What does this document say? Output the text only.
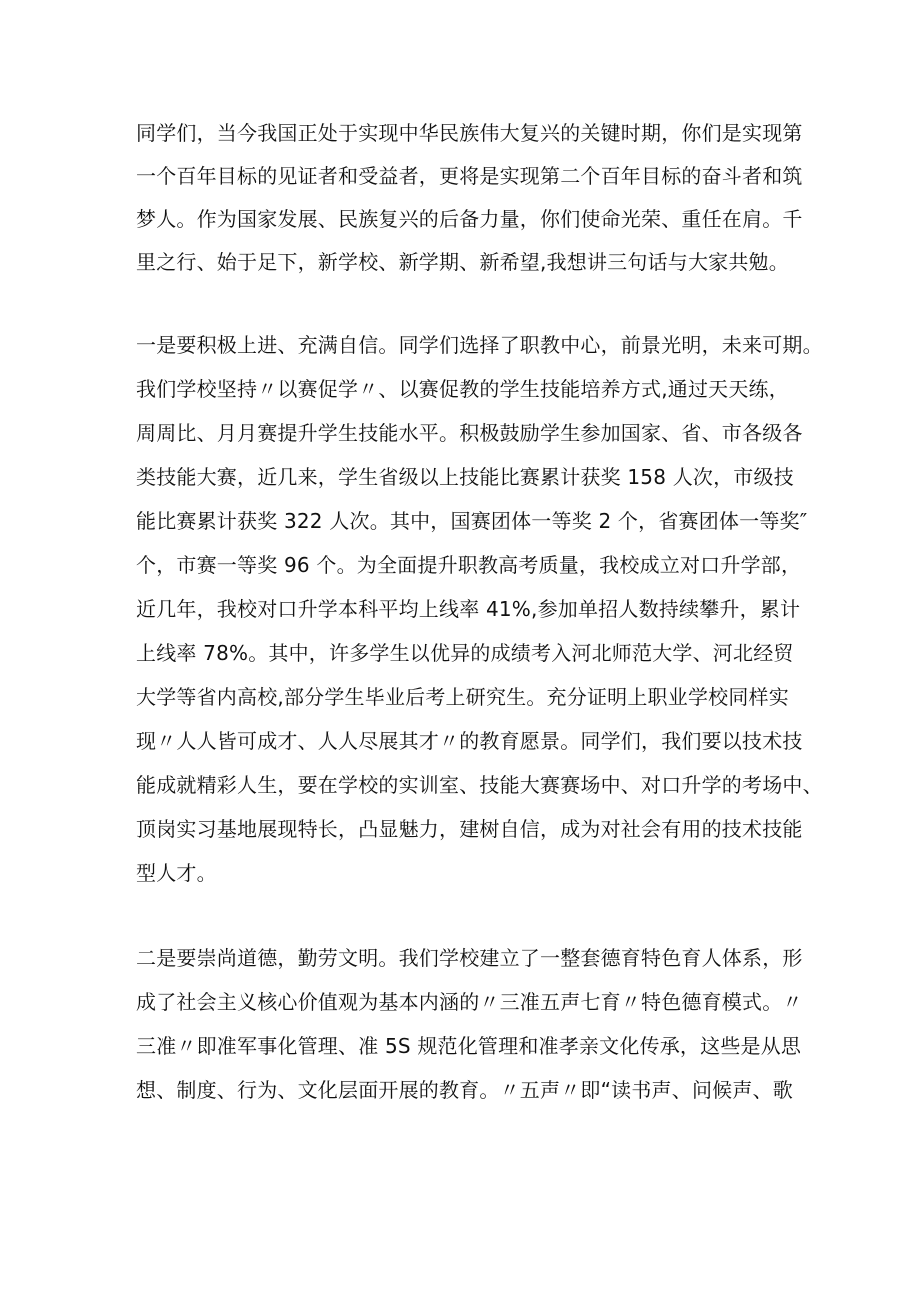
同学们，当今我国正处于实现中华民族伟大复兴的关键时期，你们是实现第
一个百年目标的见证者和受益者，更将是实现第二个百年目标的奋斗者和筑
梦人。作为国家发展、民族复兴的后备力量，你们使命光荣、重任在肩。千
里之行、始于足下，新学校、新学期、新希望,我想讲三句话与大家共勉。
一是要积极上进、充满自信。同学们选择了职教中心，前景光明，未来可期。
我们学校坚持〃以赛促学〃、以赛促教的学生技能培养方式,通过天天练，
周周比、月月赛提升学生技能水平。积极鼓励学生参加国家、省、市各级各
类技能大赛，近几来，学生省级以上技能比赛累计获奖 158 人次，市级技
能比赛累计获奖 322 人次。其中，国赛团体一等奖 2 个，省赛团体一等奖″
个，市赛一等奖 96 个。为全面提升职教高考质量，我校成立对口升学部，
近几年，我校对口升学本科平均上线率 41%,参加单招人数持续攀升，累计
上线率 78%。其中，许多学生以优异的成绩考入河北师范大学、河北经贸
大学等省内高校,部分学生毕业后考上研究生。充分证明上职业学校同样实
现〃人人皆可成才、人人尽展其才〃的教育愿景。同学们，我们要以技术技
能成就精彩人生，要在学校的实训室、技能大赛赛场中、对口升学的考场中、
顶岗实习基地展现特长，凸显魅力，建树自信，成为对社会有用的技术技能
型人才。
二是要崇尚道德，勤劳文明。我们学校建立了一整套德育特色育人体系，形
成了社会主义核心价值观为基本内涵的〃三准五声七育〃特色德育模式。〃
三准〃即准军事化管理、准 5S 规范化管理和准孝亲文化传承，这些是从思
想、制度、行为、文化层面开展的教育。〃五声〃即“读书声、问候声、歌
